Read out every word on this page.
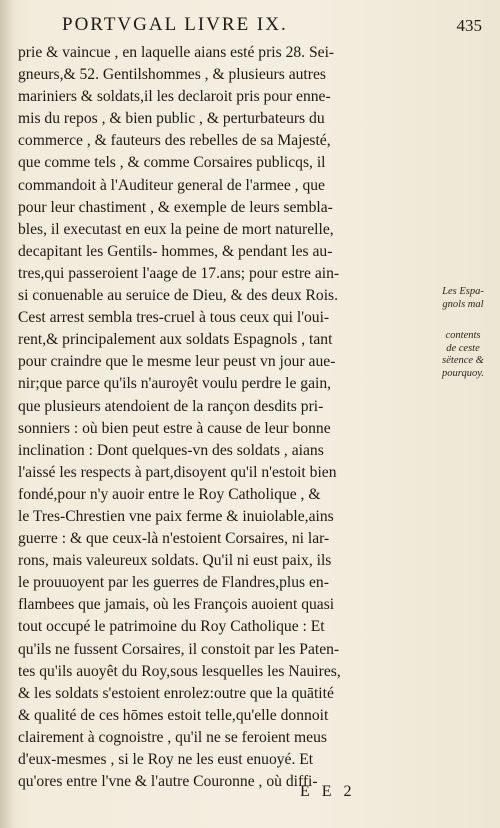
PORTVGAL LIVRE IX.	435
prie & vaincue , en laquelle aians esté pris 28. Sei-
gneurs,& 52. Gentilshommes , & plusieurs autres
mariniers & soldats,il les declaroit pris pour enne-
mis du repos , & bien public , & perturbateurs du
commerce , & fauteurs des rebelles de sa Majesté,
que comme tels , & comme Corsaires publicqs, il
commandoit à l'Auditeur general de l'armee , que
pour leur chastiment , & exemple de leurs sembla-
bles, il executast en eux la peine de mort naturelle,
decapitant les Gentils- hommes, & pendant les au-
tres,qui passeroient l'aage de 17.ans; pour estre ain-
si conuenable au seruice de Dieu, & des deux Rois.
Cest arrest sembla tres-cruel à tous ceux qui l'oui-
rent,& principalement aux soldats Espagnols , tant
pour craindre que le mesme leur peust vn jour aue-
nir;que parce qu'ils n'auroyêt voulu perdre le gain,
que plusieurs atendoient de la rançon desdits pri-
sonniers : où bien peut estre à cause de leur bonne
inclination : Dont quelques-vn des soldats , aians
l'aissé les respects à part,disoyent qu'il n'estoit bien
fondé,pour n'y auoir entre le Roy Catholique , &
le Tres-Chrestien vne paix ferme & inuiolable,ains
guerre : & que ceux-là n'estoient Corsaires, ni lar-
rons, mais valeureux soldats. Qu'il ni eust paix, ils
le prouuoyent par les guerres de Flandres,plus en-
flambees que jamais, où les François auoient quasi
tout occupé le patrimoine du Roy Catholique : Et
qu'ils ne fussent Corsaires, il constoit par les Paten-
tes qu'ils auoyêt du Roy,sous lesquelles les Nauires,
& les soldats s'estoient enrolez:outre que la quātité
& qualité de ces hōmes estoit telle,qu'elle donnoit
clairement à cognoistre , qu'il ne se feroient meus
d'eux-mesmes , si le Roy ne les eust enuoyé. Et
qu'ores entre l'vne & l'autre Couronne , où diffi-
Les Espa-
gnols mal
contents
de ceste
sëtence &
pourquoy.
E E 2
